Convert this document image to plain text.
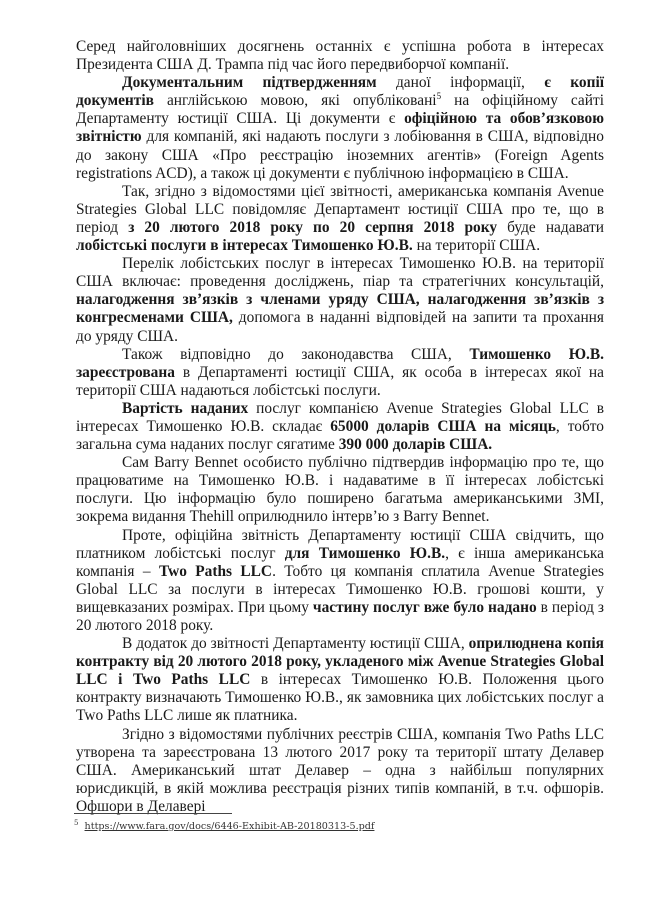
Серед найголовніших досягнень останніх є успішна робота в інтересах Президента США Д. Трампа під час його передвиборчої компанії.

Документальним підтвердженням даної інформації, є копії документів англійською мовою, які опубліковані$^5$ на офіційному сайті Департаменту юстиції США. Ці документи є офіційною та обов’язковою звітністю для компаній, які надають послуги з лобіювання в США, відповідно до закону США «Про реєстрацію іноземних агентів» (Foreign Agents registrations ACD), а також ці документи є публічною інформацією в США.

Так, згідно з відомостями цієї звітності, американська компанія Avenue Strategies Global LLC повідомляє Департамент юстиції США про те, що в період з 20 лютого 2018 року по 20 серпня 2018 року буде надавати лобістські послуги в інтересах Тимошенко Ю.В. на території США.

Перелік лобістських послуг в інтересах Тимошенко Ю.В. на території США включає: проведення досліджень, піар та стратегічних консультацій, налагодження зв’язків з членами уряду США, налагодження зв’язків з конгресменами США, допомога в наданні відповідей на запити та прохання до уряду США.

Також відповідно до законодавства США, Тимошенко Ю.В. зареєстрована в Департаменті юстиції США, як особа в інтересах якої на території США надаються лобістські послуги.

Вартість наданих послуг компанією Avenue Strategies Global LLC в інтересах Тимошенко Ю.В. складає 65000 доларів США на місяць, тобто загальна сума наданих послуг сягатиме 390 000 доларів США.

Сам Barry Bennet особисто публічно підтвердив інформацію про те, що працюватиме на Тимошенко Ю.В. і надаватиме в її інтересах лобістські послуги. Цю інформацію було поширено багатьма американськими ЗМІ, зокрема видання Thehill оприлюднило інтерв’ю з Barry Bennet.

Проте, офіційна звітність Департаменту юстиції США свідчить, що платником лобістські послуг для Тимошенко Ю.В., є інша американська компанія – Two Paths LLC. Тобто ця компанія сплатила Avenue Strategies Global LLC за послуги в інтересах Тимошенко Ю.В. грошові кошти, у вищевказаних розмірах. При цьому частину послуг вже було надано в період з 20 лютого 2018 року.

В додаток до звітності Департаменту юстиції США, оприлюднена копія контракту від 20 лютого 2018 року, укладеного між Avenue Strategies Global LLC і Two Paths LLC в інтересах Тимошенко Ю.В. Положення цього контракту визначають Тимошенко Ю.В., як замовника цих лобістських послуг а Two Paths LLC лише як платника.

Згідно з відомостями публічних реєстрів США, компанія Two Paths LLC утворена та зареєстрована 13 лютого 2017 року та території штату Делавер США. Американський штат Делавер – одна з найбільш популярних юрисдикцій, в якій можлива реєстрація різних типів компаній, в т.ч. офшорів. Офшори в Делавері

$^5$ https://www.fara.gov/docs/6446-Exhibit-AB-20180313-5.pdf
